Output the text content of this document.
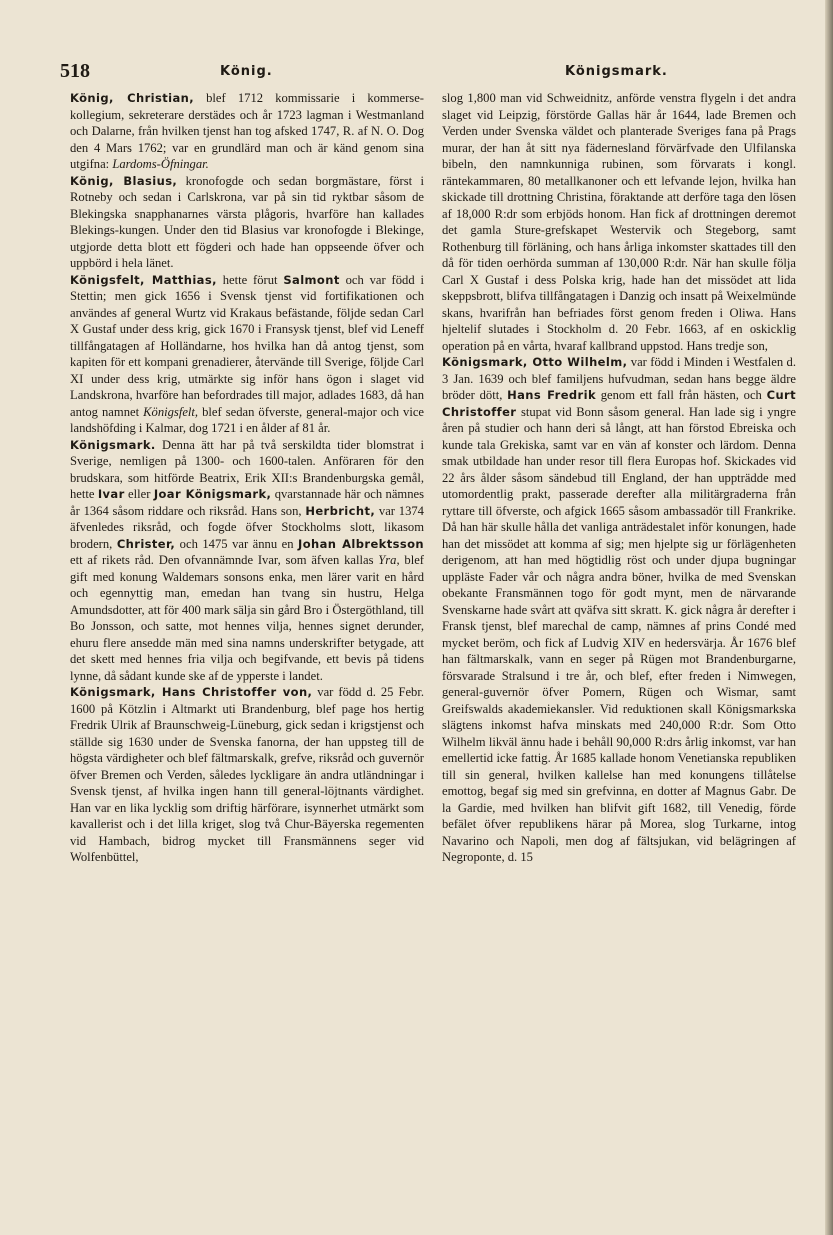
518	König.	Königsmark.

König, Christian, blef 1712 kommissarie i kommerse-kollegium, sekreterare derstädes och år 1723 lagman i Westmanland och Dalarne, från hvilken tjenst han tog afsked 1747, R. af N. O. Dog den 4 Mars 1762; var en grundlärd man och är känd genom sina utgifna: Lardoms-Öfningar.

König, Blasius, kronofogde och sedan borgmästare, först i Rotneby och sedan i Carlskrona, var på sin tid ryktbar såsom de Blekingska snapphanarnes värsta plågoris, hvarföre han kallades Blekings-kungen. Under den tid Blasius var kronofogde i Blekinge, utgjorde detta blott ett fögderi och hade han oppseende öfver och uppbörd i hela länet.

Königsfelt, Matthias, hette förut Salmont och var född i Stettin; men gick 1656 i Svensk tjenst vid fortifikationen och användes af general Wurtz vid Krakaus befästande, följde sedan Carl X Gustaf under dess krig, gick 1670 i Fransysk tjenst, blef vid Leneff tillfångatagen af Holländarne, hos hvilka han då antog tjenst, som kapiten för ett kompani grenadierer, återvände till Sverige, följde Carl XI under dess krig, utmärkte sig inför hans ögon i slaget vid Landskrona, hvarföre han befordrades till major, adlades 1683, då han antog namnet Königsfelt, blef sedan öfverste, general-major och vice landshöfding i Kalmar, dog 1721 i en ålder af 81 år.

Königsmark. Denna ätt har på två serskildta tider blomstrat i Sverige, nemligen på 1300- och 1600-talen. Anföraren för den brudskara, som hitförde Beatrix, Erik XII:s Brandenburgska gemål, hette Ivar eller Joar Königsmark, qvarstannade här och nämnes år 1364 såsom riddare och riksråd. Hans son, Herbricht, var 1374 äfvenledes riksråd, och fogde öfver Stockholms slott, likasom brodern, Christer, och 1475 var ännu en Johan Albrektsson ett af rikets råd. Den ofvannämnde Ivar, som äfven kallas Yra, blef gift med konung Waldemars sonsons enka, men lärer varit en hård och egennyttig man, emedan han tvang sin hustru, Helga Amundsdotter, att för 400 mark sälja sin gård Bro i Östergöthland, till Bo Jonsson, och satte, mot hennes vilja, hennes signet derunder, ehuru flere ansedde män med sina namns underskrifter betygade, att det skett med hennes fria vilja och begifvande, ett bevis på tidens lynne, då sådant kunde ske af de ypperste i landet.

Königsmark, Hans Christoffer von, var född d. 25 Febr. 1600 på Kötzlin i Altmarkt uti Brandenburg, blef page hos hertig Fredrik Ulrik af Braunschweig-Lüneburg, gick sedan i krigstjenst och ställde sig 1630 under de Svenska fanorna, der han uppsteg till de högsta värdigheter och blef fältmarskalk, grefve, riksråd och guvernör öfver Bremen och Verden, således lyckligare än andra utländningar i Svensk tjenst, af hvilka ingen hann till general-löjtnants värdighet. Han var en lika lycklig som driftig härförare, isynnerhet utmärkt som kavallerist och i det lilla kriget, slog två Chur-Bäyerska regementen vid Hambach, bidrog mycket till Fransmännens seger vid Wolfenbüttel,

slog 1,800 man vid Schweidnitz, anförde venstra flygeln i det andra slaget vid Leipzig, förstörde Gallas här år 1644, lade Bremen och Verden under Svenska väldet och planterade Sveriges fana på Prags murar, der han åt sitt nya fädernesland förvärfvade den Ulfilanska bibeln, den namnkunniga rubinen, som förvarats i kongl. räntekammaren, 80 metallkanoner och ett lefvande lejon, hvilka han skickade till drottning Christina, föraktande att derföre taga den lösen af 18,000 R:dr som erbjöds honom. Han fick af drottningen deremot det gamla Sture-grefskapet Westervik och Stegeborg, samt Rothenburg till förläning, och hans årliga inkomster skattades till den då för tiden oerhörda summan af 130,000 R:dr. När han skulle följa Carl X Gustaf i dess Polska krig, hade han det missödet att lida skeppsbrott, blifva tillfångatagen i Danzig och insatt på Weixelmünde skans, hvarifrån han befriades först genom freden i Oliwa. Hans hjeltelif slutades i Stockholm d. 20 Febr. 1663, af en oskicklig operation på en vårta, hvaraf kallbrand uppstod. Hans tredje son,

Königsmark, Otto Wilhelm, var född i Minden i Westfalen d. 3 Jan. 1639 och blef familjens hufvudman, sedan hans begge äldre bröder dött, Hans Fredrik genom ett fall från hästen, och Curt Christoffer stupat vid Bonn såsom general. Han lade sig i yngre åren på studier och hann deri så långt, att han förstod Ebreiska och kunde tala Grekiska, samt var en vän af konster och lärdom. Denna smak utbildade han under resor till flera Europas hof. Skickades vid 22 års ålder såsom sändebud till England, der han uppträdde med utomordentlig prakt, passerade derefter alla militärgraderna från ryttare till öfverste, och afgick 1665 såsom ambassadör till Frankrike. Då han här skulle hålla det vanliga anträdestalet inför konungen, hade han det missödet att komma af sig; men hjelpte sig ur förlägenheten derigenom, att han med högtidlig röst och under djupa bugningar uppläste Fader vår och några andra böner, hvilka de med Svenskan obekante Fransmännen togo för godt mynt, men de närvarande Svenskarne hade svårt att qväfva sitt skratt. K. gick några år derefter i Fransk tjenst, blef marechal de camp, nämnes af prins Condé med mycket beröm, och fick af Ludvig XIV en hedersvärja. År 1676 blef han fältmarskalk, vann en seger på Rügen mot Brandenburgarne, försvarade Stralsund i tre år, och blef, efter freden i Nimwegen, general-guvernör öfver Pomern, Rügen och Wismar, samt Greifswalds akademiekansler. Vid reduktionen skall Königsmarkska slägtens inkomst hafva minskats med 240,000 R:dr. Som Otto Wilhelm likväl ännu hade i behåll 90,000 R:drs årlig inkomst, var han emellertid icke fattig. År 1685 kallade honom Venetianska republiken till sin general, hvilken kallelse han med konungens tillåtelse emottog, begaf sig med sin grefvinna, en dotter af Magnus Gabr. De la Gardie, med hvilken han blifvit gift 1682, till Venedig, förde befälet öfver republikens härar på Morea, slog Turkarne, intog Navarino och Napoli, men dog af fältsjukan, vid belägringen af Negroponte, d. 15
